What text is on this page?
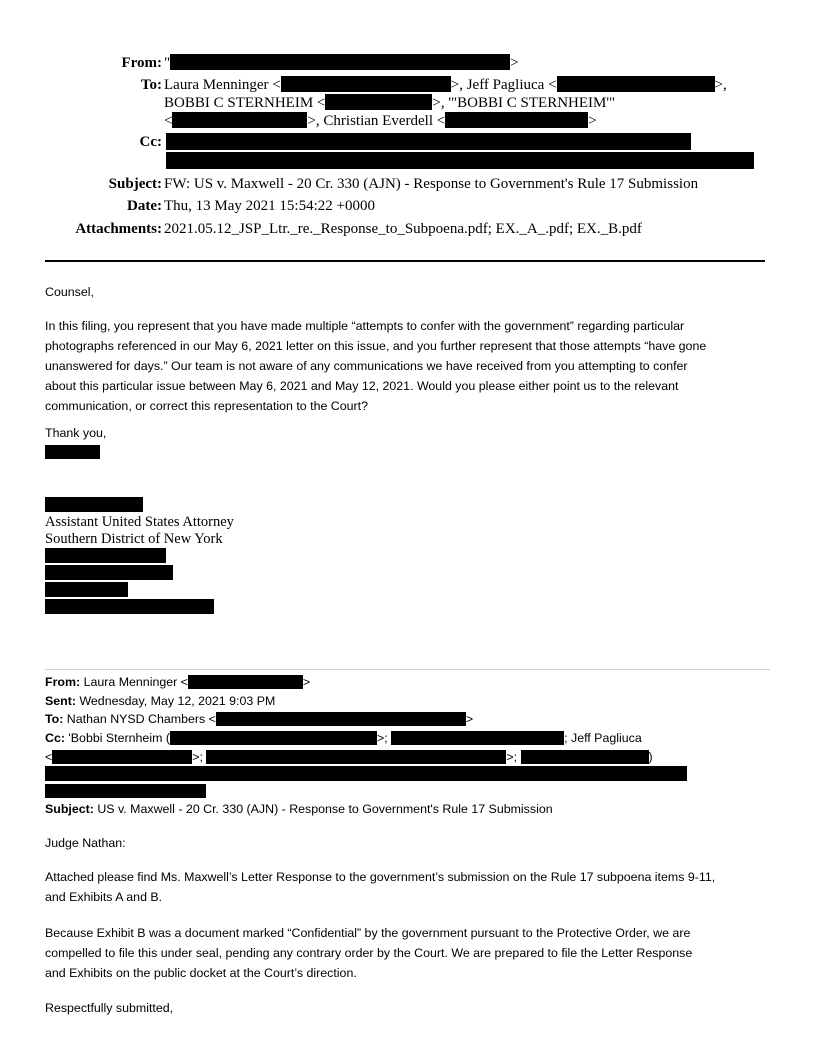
From: "	>
To: Laura Menninger <	>, Jeff Pagliuca <	>,
BOBBI C STERNHEIM <	>, '"BOBBI C STERNHEIM'"
<	>, Christian Everdell <	>
Cc:
Subject: FW: US v. Maxwell - 20 Cr. 330 (AJN) - Response to Government's Rule 17 Submission
Date: Thu, 13 May 2021 15:54:22 +0000
Attachments: 2021.05.12_JSP_Ltr._re._Response_to_Subpoena.pdf; EX._A_.pdf; EX._B.pdf
Counsel,
In this filing, you represent that you have made multiple “attempts to confer with the government” regarding particular
photographs referenced in our May 6, 2021 letter on this issue, and you further represent that those attempts “have gone
unanswered for days.” Our team is not aware of any communications we have received from you attempting to confer
about this particular issue between May 6, 2021 and May 12, 2021. Would you please either point us to the relevant
communication, or correct this representation to the Court?
Thank you,
Assistant United States Attorney
Southern District of New York
From: Laura Menninger <	>
Sent: Wednesday, May 12, 2021 9:03 PM
To: Nathan NYSD Chambers <	>
Cc: 'Bobbi Sternheim (	>;	; Jeff Pagliuca
<	>;	>;	)
Subject: US v. Maxwell - 20 Cr. 330 (AJN) - Response to Government's Rule 17 Submission
Judge Nathan:
Attached please find Ms. Maxwell’s Letter Response to the government’s submission on the Rule 17 subpoena items 9-11,
and Exhibits A and B.
Because Exhibit B was a document marked “Confidential” by the government pursuant to the Protective Order, we are
compelled to file this under seal, pending any contrary order by the Court. We are prepared to file the Letter Response
and Exhibits on the public docket at the Court’s direction.
Respectfully submitted,
